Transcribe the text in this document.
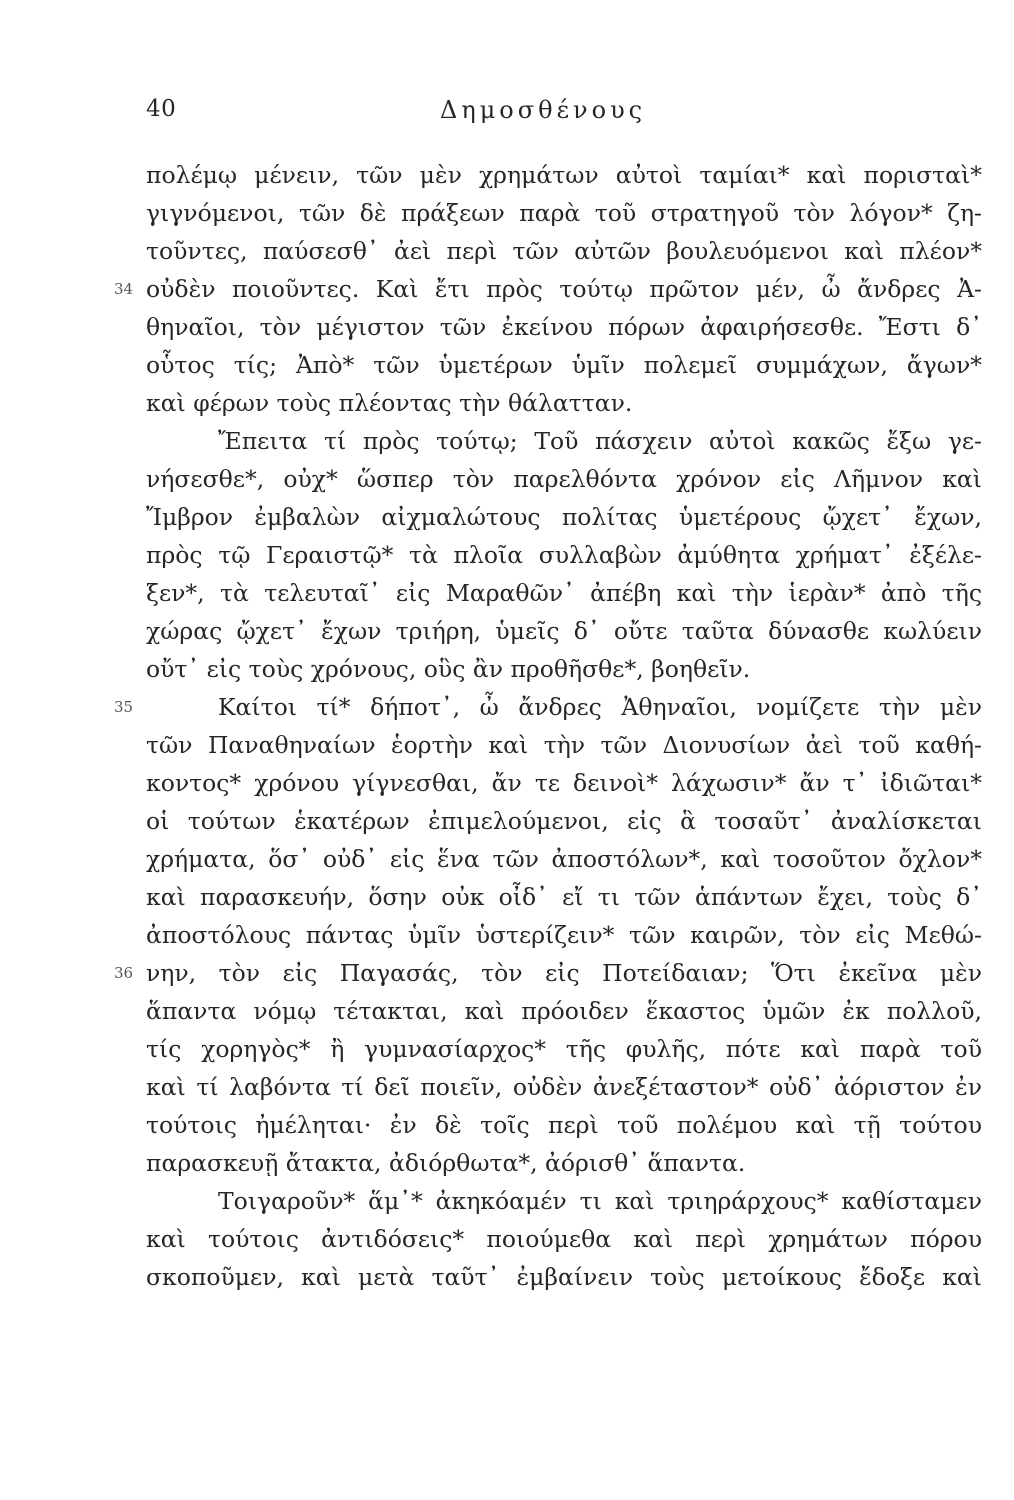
40	Δημοσθένους
πολέμῳ μένειν, τῶν μὲν χρημάτων αὐτοὶ ταμίαι* καὶ πορισταὶ*
γιγνόμενοι, τῶν δὲ πράξεων παρὰ τοῦ στρατηγοῦ τὸν λόγον* ζη-
τοῦντες, παύσεσθ᾽ ἀεὶ περὶ τῶν αὐτῶν βουλευόμενοι καὶ πλέον*
34 οὐδὲν ποιοῦντες. Καὶ ἔτι πρὸς τούτῳ πρῶτον μέν, ὦ ἄνδρες Ἀ-
θηναῖοι, τὸν μέγιστον τῶν ἐκείνου πόρων ἀφαιρήσεσθε. Ἔστι δ᾽
οὗτος τίς; Ἀπὸ* τῶν ὑμετέρων ὑμῖν πολεμεῖ συμμάχων, ἄγων*
καὶ φέρων τοὺς πλέοντας τὴν θάλατταν.
Ἔπειτα τί πρὸς τούτῳ; Τοῦ πάσχειν αὐτοὶ κακῶς ἔξω γε-
νήσεσθε*, οὐχ* ὥσπερ τὸν παρελθόντα χρόνον εἰς Λῆμνον καὶ
Ἴμβρον ἐμβαλὼν αἰχμαλώτους πολίτας ὑμετέρους ᾤχετ᾽ ἔχων,
πρὸς τῷ Γεραιστῷ* τὰ πλοῖα συλλαβὼν ἀμύθητα χρήματ᾽ ἐξέλε-
ξεν*, τὰ τελευταῖ᾽ εἰς Μαραθῶν᾽ ἀπέβη καὶ τὴν ἱερὰν* ἀπὸ τῆς
χώρας ᾤχετ᾽ ἔχων τριήρη, ὑμεῖς δ᾽ οὔτε ταῦτα δύνασθε κωλύειν
οὔτ᾽ εἰς τοὺς χρόνους, οὓς ἂν προθῆσθε*, βοηθεῖν.
35	Καίτοι τί* δήποτ᾽, ὦ ἄνδρες Ἀθηναῖοι, νομίζετε τὴν μὲν
τῶν Παναθηναίων ἑορτὴν καὶ τὴν τῶν Διονυσίων ἀεὶ τοῦ καθή-
κοντος* χρόνου γίγνεσθαι, ἄν τε δεινοὶ* λάχωσιν* ἄν τ᾽ ἰδιῶται*
οἱ τούτων ἑκατέρων ἐπιμελούμενοι, εἰς ἃ τοσαῦτ᾽ ἀναλίσκεται
χρήματα, ὅσ᾽ οὐδ᾽ εἰς ἕνα τῶν ἀποστόλων*, καὶ τοσοῦτον ὄχλον*
καὶ παρασκευήν, ὅσην οὐκ οἶδ᾽ εἴ τι τῶν ἁπάντων ἔχει, τοὺς δ᾽
ἀποστόλους πάντας ὑμῖν ὑστερίζειν* τῶν καιρῶν, τὸν εἰς Μεθώ-
36 νην, τὸν εἰς Παγασάς, τὸν εἰς Ποτείδαιαν; Ὅτι ἐκεῖνα μὲν
ἅπαντα νόμῳ τέτακται, καὶ πρόοιδεν ἕκαστος ὑμῶν ἐκ πολλοῦ,
τίς χορηγὸς* ἢ γυμνασίαρχος* τῆς φυλῆς, πότε καὶ παρὰ τοῦ
καὶ τί λαβόντα τί δεῖ ποιεῖν, οὐδὲν ἀνεξέταστον* οὐδ᾽ ἀόριστον ἐν
τούτοις ἠμέληται· ἐν δὲ τοῖς περὶ τοῦ πολέμου καὶ τῇ τούτου
παρασκευῇ ἄτακτα, ἀδιόρθωτα*, ἀόρισθ᾽ ἅπαντα.
Τοιγαροῦν* ἅμ᾽* ἀκηκόαμέν τι καὶ τριηράρχους* καθίσταμεν
καὶ τούτοις ἀντιδόσεις* ποιούμεθα καὶ περὶ χρημάτων πόρου
σκοποῦμεν, καὶ μετὰ ταῦτ᾽ ἐμβαίνειν τοὺς μετοίκους ἔδοξε καὶ
